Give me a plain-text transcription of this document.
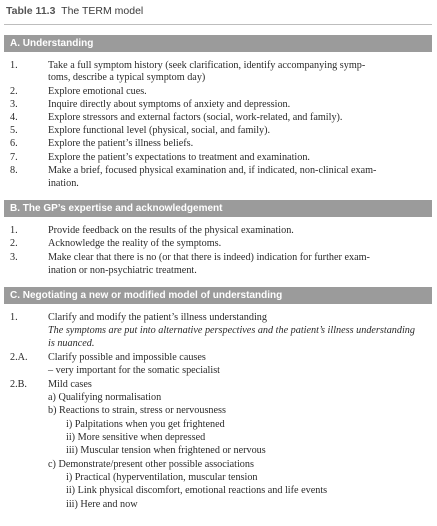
Table 11.3 The TERM model
A. Understanding
1.	Take a full symptom history (seek clarification, identify accompanying symp-
toms, describe a typical symptom day)
2.	Explore emotional cues.
3.	Inquire directly about symptoms of anxiety and depression.
4.	Explore stressors and external factors (social, work-related, and family).
5.	Explore functional level (physical, social, and family).
6.	Explore the patient’s illness beliefs.
7.	Explore the patient’s expectations to treatment and examination.
8.	Make a brief, focused physical examination and, if indicated, non-clinical exam-
ination.
B. The GP’s expertise and acknowledgement
1.	Provide feedback on the results of the physical examination.
2.	Acknowledge the reality of the symptoms.
3.	Make clear that there is no (or that there is indeed) indication for further exam-
ination or non-psychiatric treatment.
C. Negotiating a new or modified model of understanding
1.	Clarify and modify the patient’s illness understanding
The symptoms are put into alternative perspectives and the patient’s illness understanding
is nuanced.
2.A. Clarify possible and impossible causes
– very important for the somatic specialist
2.B. Mild cases
a) Qualifying normalisation
b) Reactions to strain, stress or nervousness
i) Palpitations when you get frightened
ii) More sensitive when depressed
iii) Muscular tension when frightened or nervous
c) Demonstrate/present other possible associations
i) Practical (hyperventilation, muscular tension
ii) Link physical discomfort, emotional reactions and life events
iii) Here and now
